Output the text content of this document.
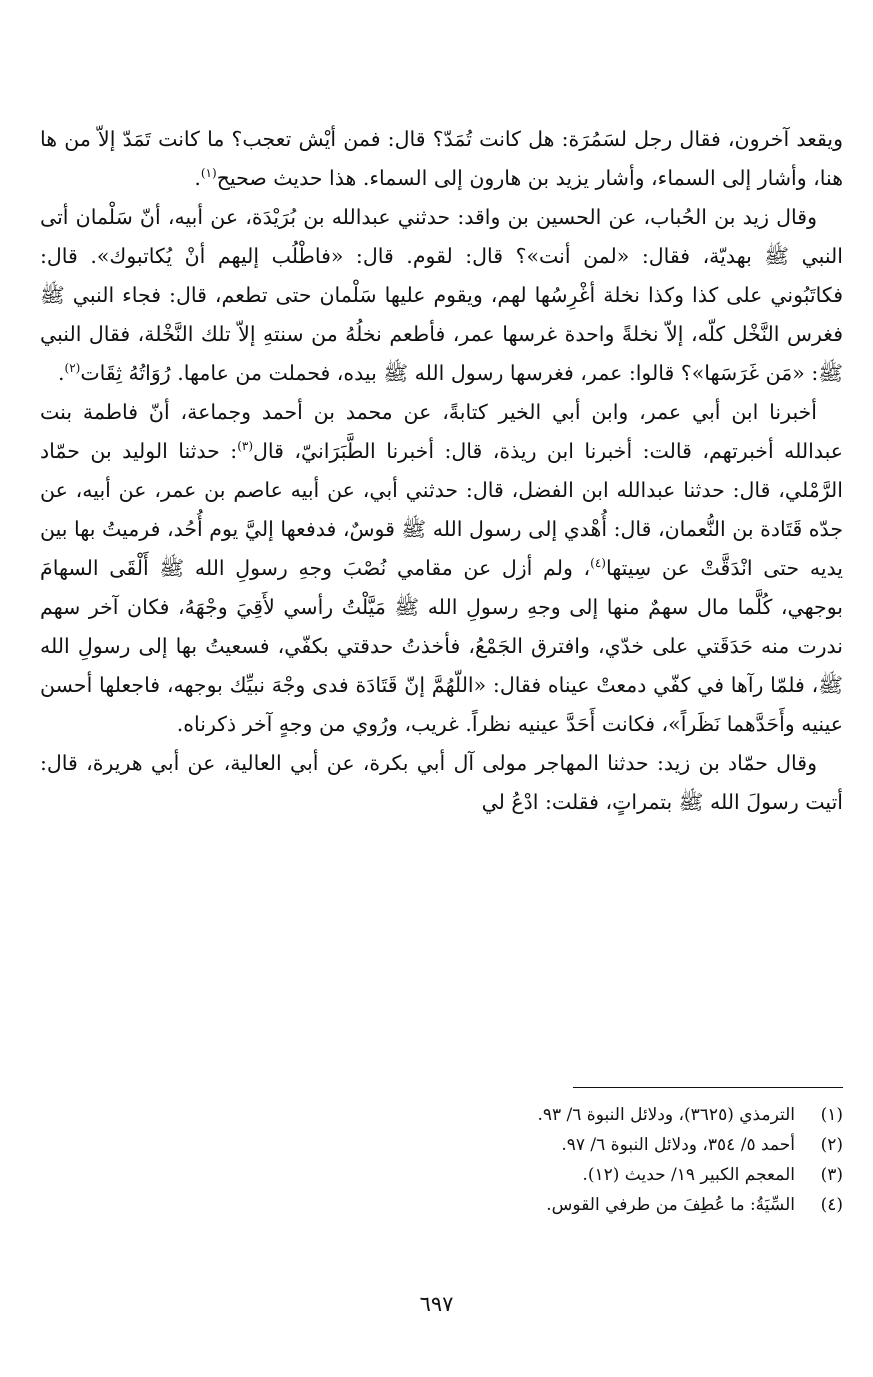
ويقعد آخرون، فقال رجل لسَمُرَة: هل كانت تُمَدّ؟ قال: فمن أيْش تعجب؟ ما كانت تَمَدّ إلاّ من ها هنا، وأشار إلى السماء، وأشار يزيد بن هارون إلى السماء. هذا حديث صحيح$^{(١)}$.

وقال زيد بن الحُباب، عن الحسين بن واقد: حدثني عبدالله بن بُرَيْدَة، عن أبيه، أنّ سَلْمان أتى النبي ﷺ بهديّة، فقال: «لمن أنت»؟ قال: لقوم. قال: «فاطْلُب إليهم أنْ يُكاتبوك». قال: فكاتَبُوني على كذا وكذا نخلة أغْرِسُها لهم، ويقوم عليها سَلْمان حتى تطعم، قال: فجاء النبي ﷺ فغرس النَّخْل كلّه، إلاّ نخلةً واحدة غرسها عمر، فأطعم نخلُهُ من سنتهِ إلاّ تلك النَّخْلة، فقال النبي ﷺ: «مَن غَرَسَها»؟ قالوا: عمر، فغرسها رسول الله ﷺ بيده، فحملت من عامها. رُوَاتُهُ ثِقَات$^{(٢)}$.

أخبرنا ابن أبي عمر، وابن أبي الخير كتابةً، عن محمد بن أحمد وجماعة، أنّ فاطمة بنت عبدالله أخبرتهم، قالت: أخبرنا ابن ريذة، قال: أخبرنا الطَّبَرَانيّ، قال$^{(٣)}$: حدثنا الوليد بن حمّاد الرَّمْلي، قال: حدثنا عبدالله ابن الفضل، قال: حدثني أبي، عن أبيه عاصم بن عمر، عن أبيه، عن جدّه قَتَادة بن النُّعمان، قال: أُهْدي إلى رسول الله ﷺ قوسٌ، فدفعها إليَّ يوم أُحُد، فرميتُ بها بين يديه حتى انْدَقَّتْ عن سِيتها$^{(٤)}$، ولم أزل عن مقامي نُصْبَ وجهِ رسولِ الله ﷺ أَلْقَى السهامَ بوجهي، كُلَّما مال سهمٌ منها إلى وجهِ رسولِ الله ﷺ مَيَّلْتُ رأسي لأَقِيَ وجْهَهُ، فكان آخر سهم ندرت منه حَدَقَتي على خدّي، وافترق الجَمْعُ، فأخذتُ حدقتي بكفّي، فسعيتُ بها إلى رسولِ الله ﷺ، فلمّا رآها في كفّي دمعتْ عيناه فقال: «اللّهُمَّ إنّ قَتَادَة فدى وجْهَ نبيِّك بوجهه، فاجعلها أحسن عينيه وأَحَدَّهما نَظَراً»، فكانت أَحَدَّ عينيه نظراً. غريب، ورُوي من وجهٍ آخر ذكرناه.

وقال حمّاد بن زيد: حدثنا المهاجر مولى آل أبي بكرة، عن أبي العالية، عن أبي هريرة، قال: أتيت رسولَ الله ﷺ بتمراتٍ، فقلت: ادْعُ لي

(١)
الترمذي (٣٦٢٥)، ودلائل النبوة ٦/ ٩٣.
(٢)
أحمد ٥/ ٣٥٤، ودلائل النبوة ٦/ ٩٧.
(٣)
المعجم الكبير ١٩/ حديث (١٢).
(٤)
السِّيَةُ: ما عُطِفَ من طرفي القوس.
٦٩٧
